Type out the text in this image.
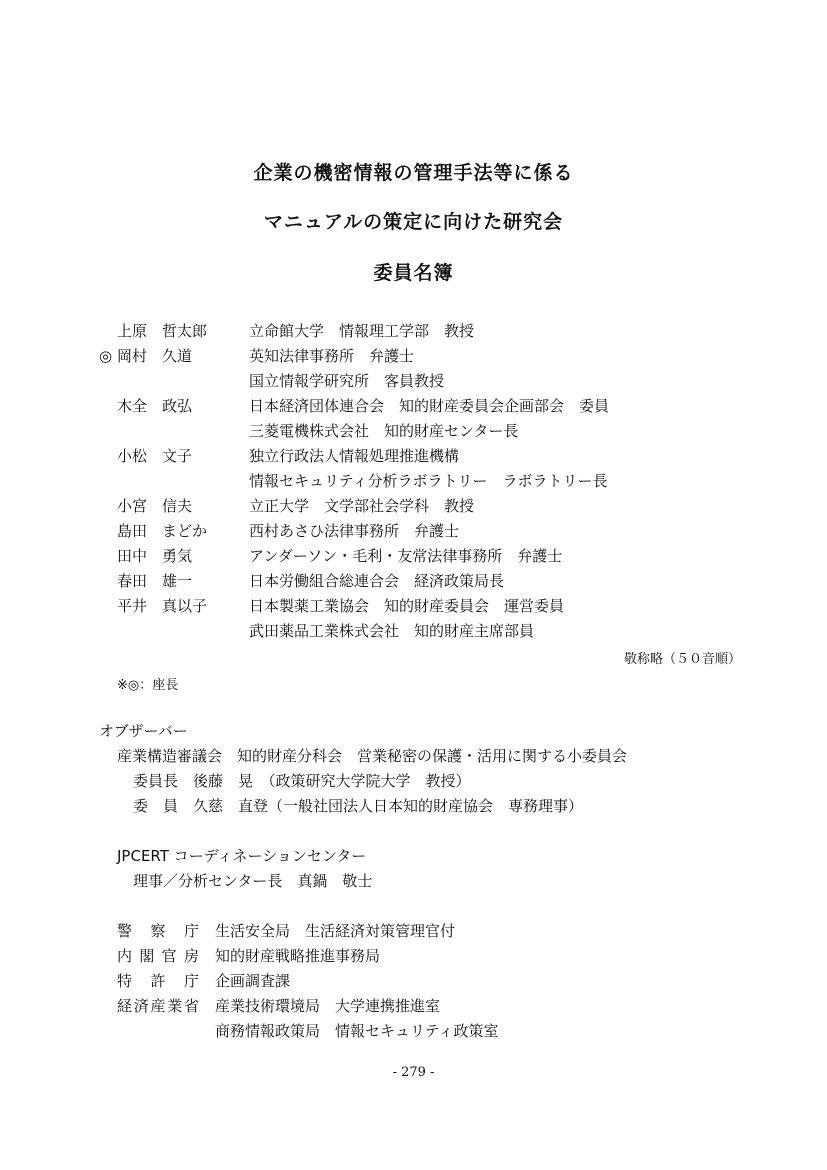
企業の機密情報の管理手法等に係る
マニュアルの策定に向けた研究会
委員名簿
上原　哲太郎	立命館大学　情報理工学部　教授
◎ 岡村　久道	英知法律事務所　弁護士
国立情報学研究所　客員教授
木全　政弘	日本経済団体連合会　知的財産委員会企画部会　委員
三菱電機株式会社　知的財産センター長
小松　文子	独立行政法人情報処理推進機構
情報セキュリティ分析ラボラトリー　ラボラトリー長
小宮　信夫	立正大学　文学部社会学科　教授
島田　まどか	西村あさひ法律事務所　弁護士
田中　勇気	アンダーソン・毛利・友常法律事務所　弁護士
春田　雄一	日本労働組合総連合会　経済政策局長
平井　真以子	日本製薬工業協会　知的財産委員会　運営委員
武田薬品工業株式会社　知的財産主席部員
敬称略（５０音順）
※◎：座長
オブザーバー
産業構造審議会　知的財産分科会　営業秘密の保護・活用に関する小委員会
委員長　後藤　晃　（政策研究大学院大学　教授）
委　員　久慈　直登（一般社団法人日本知的財産協会　専務理事）
JPCERT コーディネーションセンター
理事／分析センター長　真鍋　敬士
警察庁 生活安全局　生活経済対策管理官付
内閣官房 知的財産戦略推進事務局
特許庁 企画調査課
経済産業省 産業技術環境局　大学連携推進室
商務情報政策局　情報セキュリティ政策室
- 279 -
